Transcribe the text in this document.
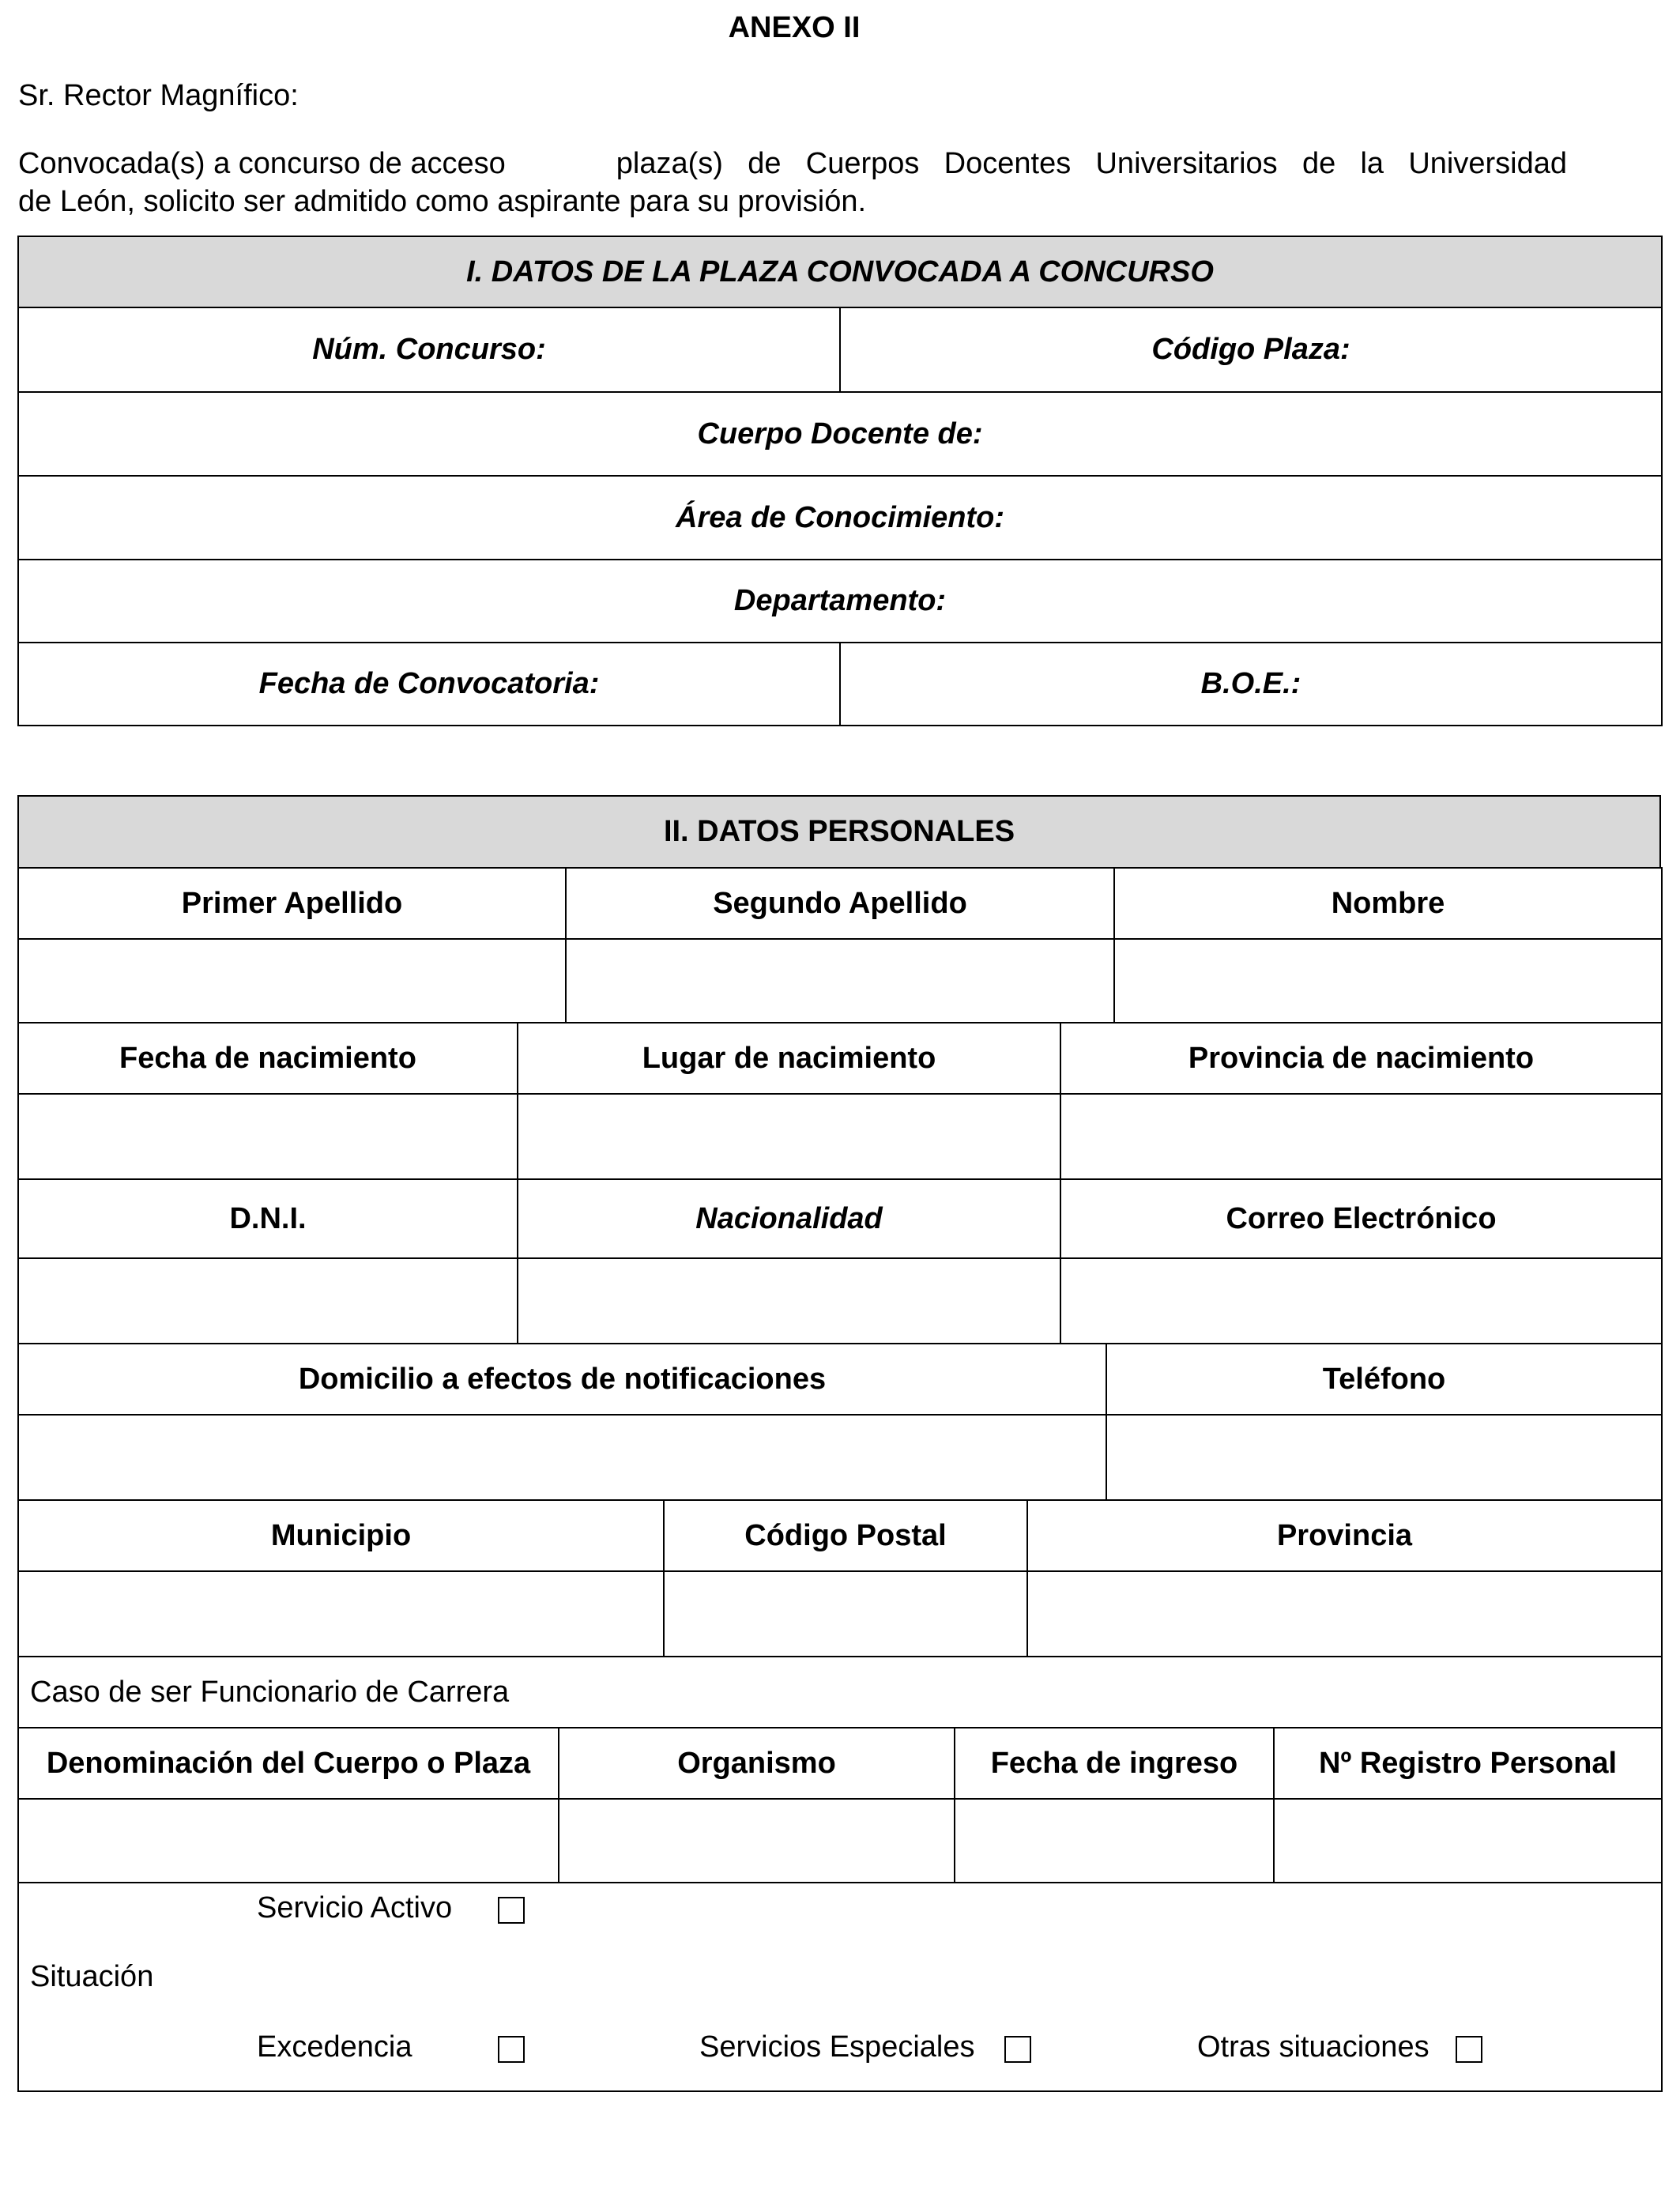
ANEXO II
Sr. Rector Magnífico:
Convocada(s) a concurso de acceso	plaza(s) de Cuerpos Docentes Universitarios de la Universidad
de León, solicito ser admitido como aspirante para su provisión.
I. DATOS DE LA PLAZA CONVOCADA A CONCURSO	
Núm. Concurso:	Código Plaza:
Cuerpo Docente de:	
Área de Conocimiento:	
Departamento:	
Fecha de Convocatoria:	B.O.E.:
II. DATOS PERSONALES
Primer Apellido	Segundo Apellido	Nombre

Fecha de nacimiento	Lugar de nacimiento	Provincia de nacimiento

D.N.I.	Nacionalidad	Correo Electrónico

Domicilio a efectos de notificaciones	Teléfono

Municipio	Código Postal	Provincia

Caso de ser Funcionario de Carrera			
Denominación del Cuerpo o Plaza	Organismo	Fecha de ingreso	Nº Registro Personal

Servicio Activo
Situación
Excedencia Servicios Especiales Otras situaciones			
